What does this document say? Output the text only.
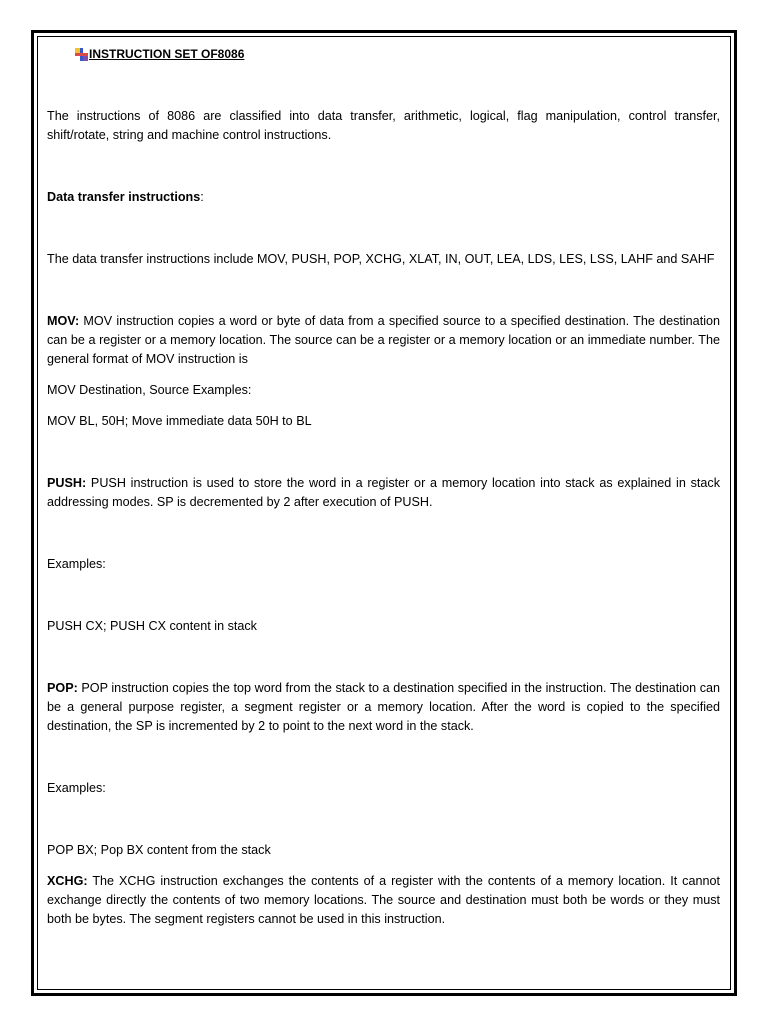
INSTRUCTION SET OF8086

The instructions of 8086 are classified into data transfer, arithmetic, logical, flag manipulation, control transfer, shift/rotate, string and machine control instructions.

Data transfer instructions:

The data transfer instructions include MOV, PUSH, POP, XCHG, XLAT, IN, OUT, LEA, LDS, LES, LSS, LAHF and SAHF

MOV: MOV instruction copies a word or byte of data from a specified source to a specified destination. The destination can be a register or a memory location. The source can be a register or a memory location or an immediate number. The general format of MOV instruction is

MOV Destination, Source Examples:

MOV BL, 50H; Move immediate data 50H to BL

PUSH: PUSH instruction is used to store the word in a register or a memory location into stack as explained in stack addressing modes. SP is decremented by 2 after execution of PUSH.

Examples:

PUSH CX; PUSH CX content in stack

POP: POP instruction copies the top word from the stack to a destination specified in the instruction. The destination can be a general purpose register, a segment register or a memory location. After the word is copied to the specified destination, the SP is incremented by 2 to point to the next word in the stack.

Examples:

POP BX; Pop BX content from the stack

XCHG: The XCHG instruction exchanges the contents of a register with the contents of a memory location. It cannot exchange directly the contents of two memory locations. The source and destination must both be words or they must both be bytes. The segment registers cannot be used in this instruction.
